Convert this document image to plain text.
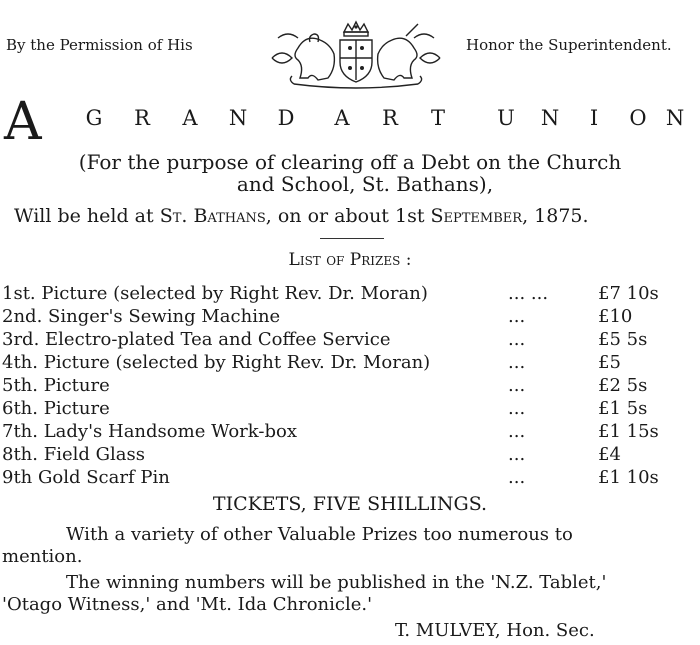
By the Permission of His	Honor the Superintendent.
A	G R A N D	A R T	U N I O N
(For the purpose of clearing off a Debt on the Church
and School, St. Bathans),
Will be held at St. Bathans, on or about 1st September, 1875.
List of Prizes :
1st. Picture (selected by Right Rev. Dr. Moran)	... ...	£7 10s
2nd. Singer's Sewing Machine	...	£10
3rd. Electro-plated Tea and Coffee Service	...	£5 5s
4th. Picture (selected by Right Rev. Dr. Moran)	...	£5
5th. Picture	...	£2 5s
6th. Picture	...	£1 5s
7th. Lady's Handsome Work-box	...	£1 15s
8th. Field Glass	...	£4
9th Gold Scarf Pin	...	£1 10s
TICKETS, FIVE SHILLINGS.
With a variety of other Valuable Prizes too numerous to
mention.
The winning numbers will be published in the 'N.Z. Tablet,'
'Otago Witness,' and 'Mt. Ida Chronicle.'
T. MULVEY, Hon. Sec.
